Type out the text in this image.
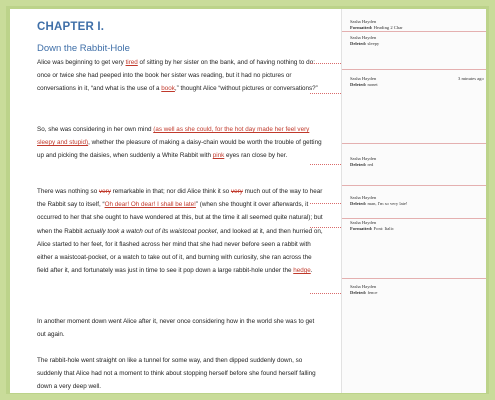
CHAPTER I.
Down the Rabbit-Hole
Alice was beginning to get very tired of sitting by her sister on the bank, and of having nothing to do: once or twice she had peeped into the book her sister was reading, but it had no pictures or conversations in it, “and what is the use of a book,” thought Alice “without pictures or conversations?”
So, she was considering in her own mind (as well as she could, for the hot day made her feel very sleepy and stupid), whether the pleasure of making a daisy-chain would be worth the trouble of getting up and picking the daisies, when suddenly a White Rabbit with pink eyes ran close by her.
There was nothing so very remarkable in that; nor did Alice think it so very much out of the way to hear the Rabbit say to itself, “Oh dear! Oh dear! I shall be late!” (when she thought it over afterwards, it occurred to her that she ought to have wondered at this, but at the time it all seemed quite natural); but when the Rabbit actually took a watch out of its waistcoat pocket, and looked at it, and then hurried on, Alice started to her feet, for it flashed across her mind that she had never before seen a rabbit with either a waistcoat-pocket, or a watch to take out of it, and burning with curiosity, she ran across the field after it, and fortunately was just in time to see it pop down a large rabbit-hole under the hedge.
In another moment down went Alice after it, never once considering how in the world she was to get out again.
The rabbit-hole went straight on like a tunnel for some way, and then dipped suddenly down, so suddenly that Alice had not a moment to think about stopping herself before she found herself falling down a very deep well.
Sasha Hayden
Formatted: Heading 2 Char
Sasha Hayden
Deleted: sleepy
Sasha Hayden
Deleted: nonet
3 minutes ago
Sasha Hayden
Deleted: red
Sasha Hayden
Deleted: man, I'm so very late!
Sasha Hayden
Formatted: Font: Italic
Sasha Hayden
Deleted: fence
